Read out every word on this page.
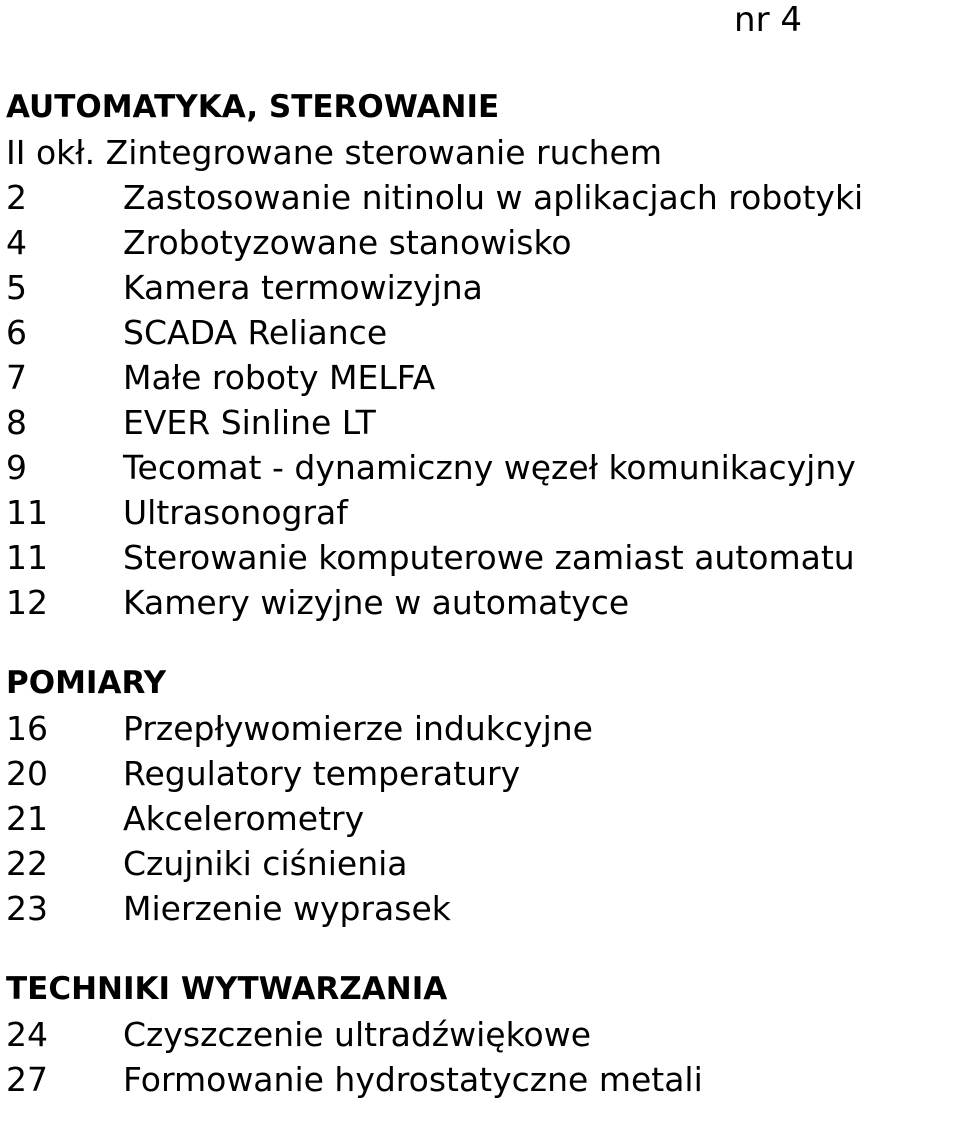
nr 4
AUTOMATYKA, STEROWANIE
II okł. Zintegrowane sterowanie ruchem
2	Zastosowanie nitinolu w aplikacjach robotyki
4	Zrobotyzowane stanowisko
5	Kamera termowizyjna
6	SCADA Reliance
7	Małe roboty MELFA
8	EVER Sinline LT
9	Tecomat - dynamiczny węzeł komunikacyjny
11	Ultrasonograf
11	Sterowanie komputerowe zamiast automatu
12	Kamery wizyjne w automatyce
POMIARY
16	Przepływomierze indukcyjne
20	Regulatory temperatury
21	Akcelerometry
22	Czujniki ciśnienia
23	Mierzenie wyprasek
TECHNIKI WYTWARZANIA
24	Czyszczenie ultradźwiękowe
27	Formowanie hydrostatyczne metali
